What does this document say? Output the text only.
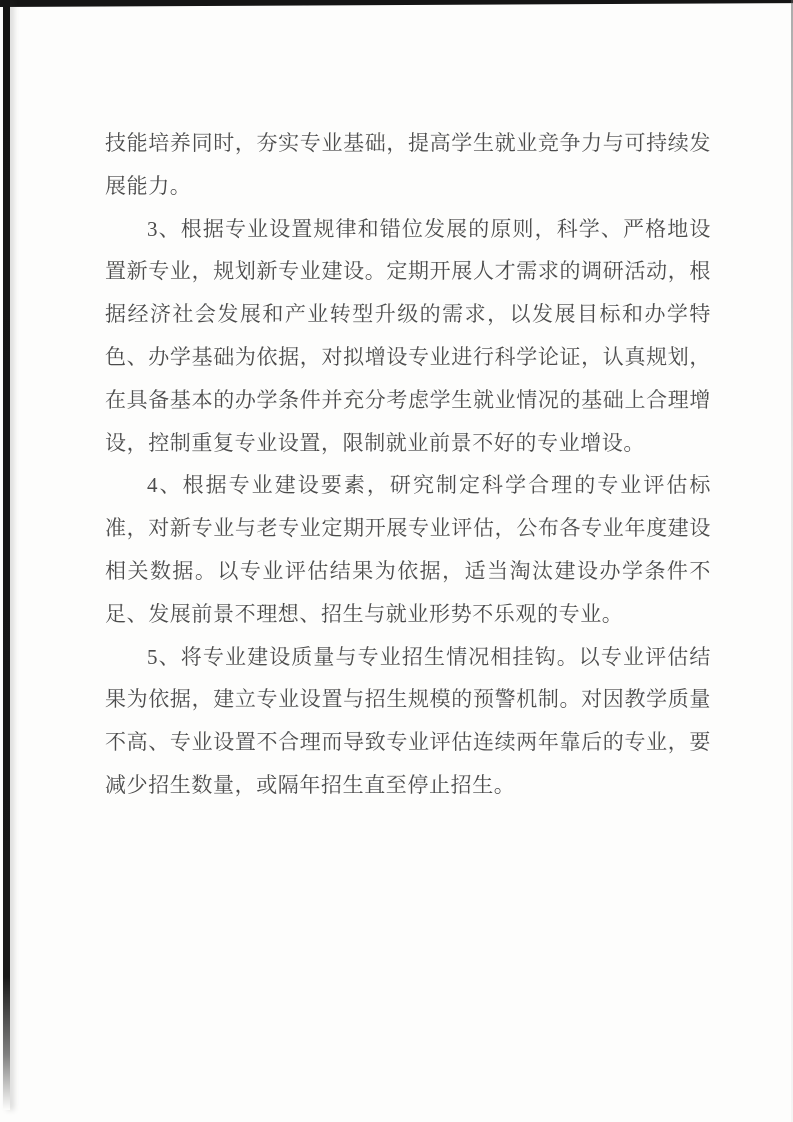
技能培养同时，夯实专业基础，提高学生就业竞争力与可持续发展能力。

3、根据专业设置规律和错位发展的原则，科学、严格地设置新专业，规划新专业建设。定期开展人才需求的调研活动，根据经济社会发展和产业转型升级的需求，以发展目标和办学特色、办学基础为依据，对拟增设专业进行科学论证，认真规划，在具备基本的办学条件并充分考虑学生就业情况的基础上合理增设，控制重复专业设置，限制就业前景不好的专业增设。

4、根据专业建设要素，研究制定科学合理的专业评估标准，对新专业与老专业定期开展专业评估，公布各专业年度建设相关数据。以专业评估结果为依据，适当淘汰建设办学条件不足、发展前景不理想、招生与就业形势不乐观的专业。

5、将专业建设质量与专业招生情况相挂钩。以专业评估结果为依据，建立专业设置与招生规模的预警机制。对因教学质量不高、专业设置不合理而导致专业评估连续两年靠后的专业，要减少招生数量，或隔年招生直至停止招生。
